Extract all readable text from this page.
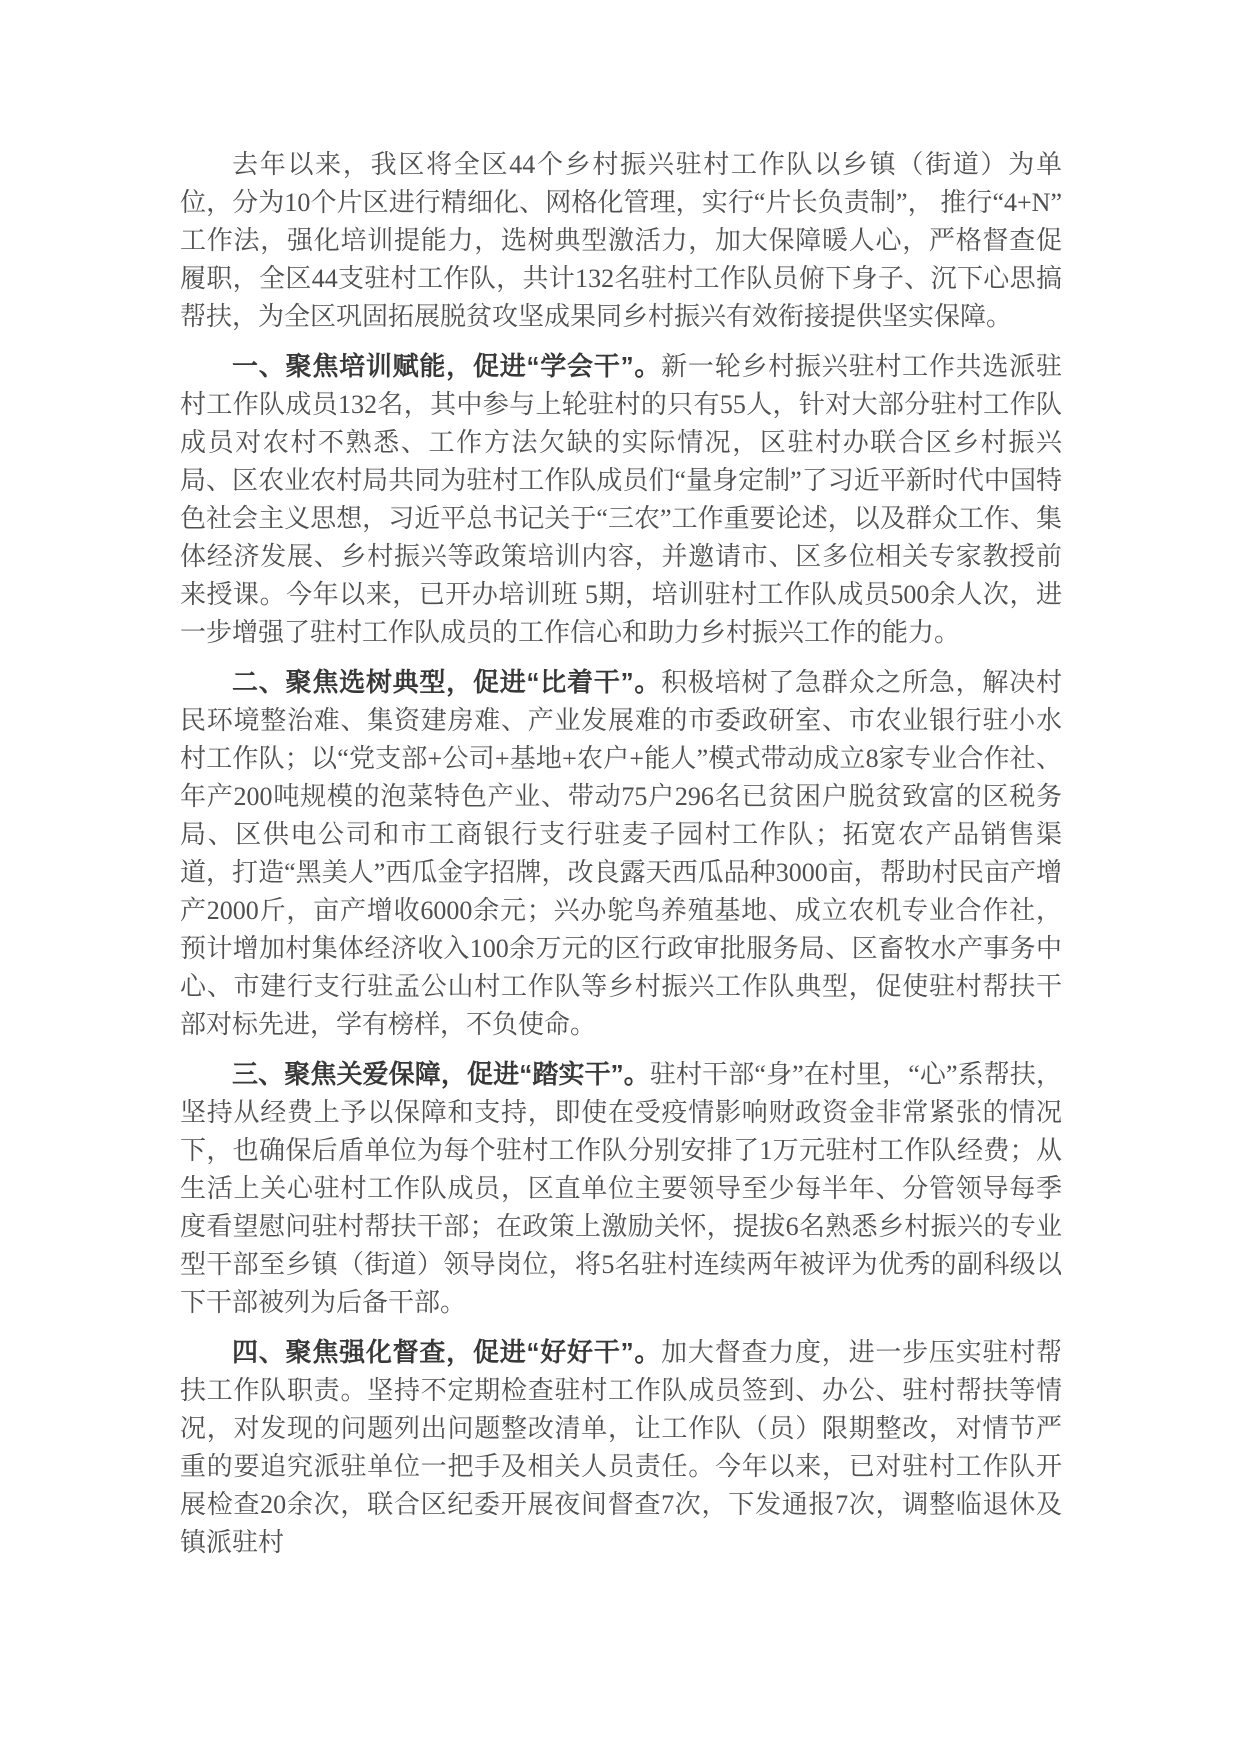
去年以来，我区将全区44个乡村振兴驻村工作队以乡镇（街道）为单位，分为10个片区进行精细化、网格化管理，实行“片长负责制”， 推行“4+N”工作法，强化培训提能力，选树典型激活力，加大保障暖人心，严格督查促履职，全区44支驻村工作队，共计132名驻村工作队员俯下身子、沉下心思搞帮扶，为全区巩固拓展脱贫攻坚成果同乡村振兴有效衔接提供坚实保障。

一、聚焦培训赋能，促进“学会干”。新一轮乡村振兴驻村工作共选派驻村工作队成员132名，其中参与上轮驻村的只有55人，针对大部分驻村工作队成员对农村不熟悉、工作方法欠缺的实际情况，区驻村办联合区乡村振兴局、区农业农村局共同为驻村工作队成员们“量身定制”了习近平新时代中国特色社会主义思想，习近平总书记关于“三农”工作重要论述，以及群众工作、集体经济发展、乡村振兴等政策培训内容，并邀请市、区多位相关专家教授前来授课。今年以来，已开办培训班 5期，培训驻村工作队成员500余人次，进一步增强了驻村工作队成员的工作信心和助力乡村振兴工作的能力。

二、聚焦选树典型，促进“比着干”。积极培树了急群众之所急，解决村民环境整治难、集资建房难、产业发展难的市委政研室、市农业银行驻小水村工作队；以“党支部+公司+基地+农户+能人”模式带动成立8家专业合作社、年产200吨规模的泡菜特色产业、带动75户296名已贫困户脱贫致富的区税务局、区供电公司和市工商银行支行驻麦子园村工作队；拓宽农产品销售渠道，打造“黑美人”西瓜金字招牌，改良露天西瓜品种3000亩，帮助村民亩产增产2000斤，亩产增收6000余元；兴办鸵鸟养殖基地、成立农机专业合作社，预计增加村集体经济收入100余万元的区行政审批服务局、区畜牧水产事务中心、市建行支行驻孟公山村工作队等乡村振兴工作队典型，促使驻村帮扶干部对标先进，学有榜样，不负使命。

三、聚焦关爱保障，促进“踏实干”。驻村干部“身”在村里，“心”系帮扶，坚持从经费上予以保障和支持，即使在受疫情影响财政资金非常紧张的情况下，也确保后盾单位为每个驻村工作队分别安排了1万元驻村工作队经费；从生活上关心驻村工作队成员，区直单位主要领导至少每半年、分管领导每季度看望慰问驻村帮扶干部；在政策上激励关怀，提拔6名熟悉乡村振兴的专业型干部至乡镇（街道）领导岗位，将5名驻村连续两年被评为优秀的副科级以下干部被列为后备干部。

四、聚焦强化督查，促进“好好干”。加大督查力度，进一步压实驻村帮扶工作队职责。坚持不定期检查驻村工作队成员签到、办公、驻村帮扶等情况，对发现的问题列出问题整改清单，让工作队（员）限期整改，对情节严重的要追究派驻单位一把手及相关人员责任。今年以来，已对驻村工作队开展检查20余次，联合区纪委开展夜间督查7次，下发通报7次，调整临退休及镇派驻村
